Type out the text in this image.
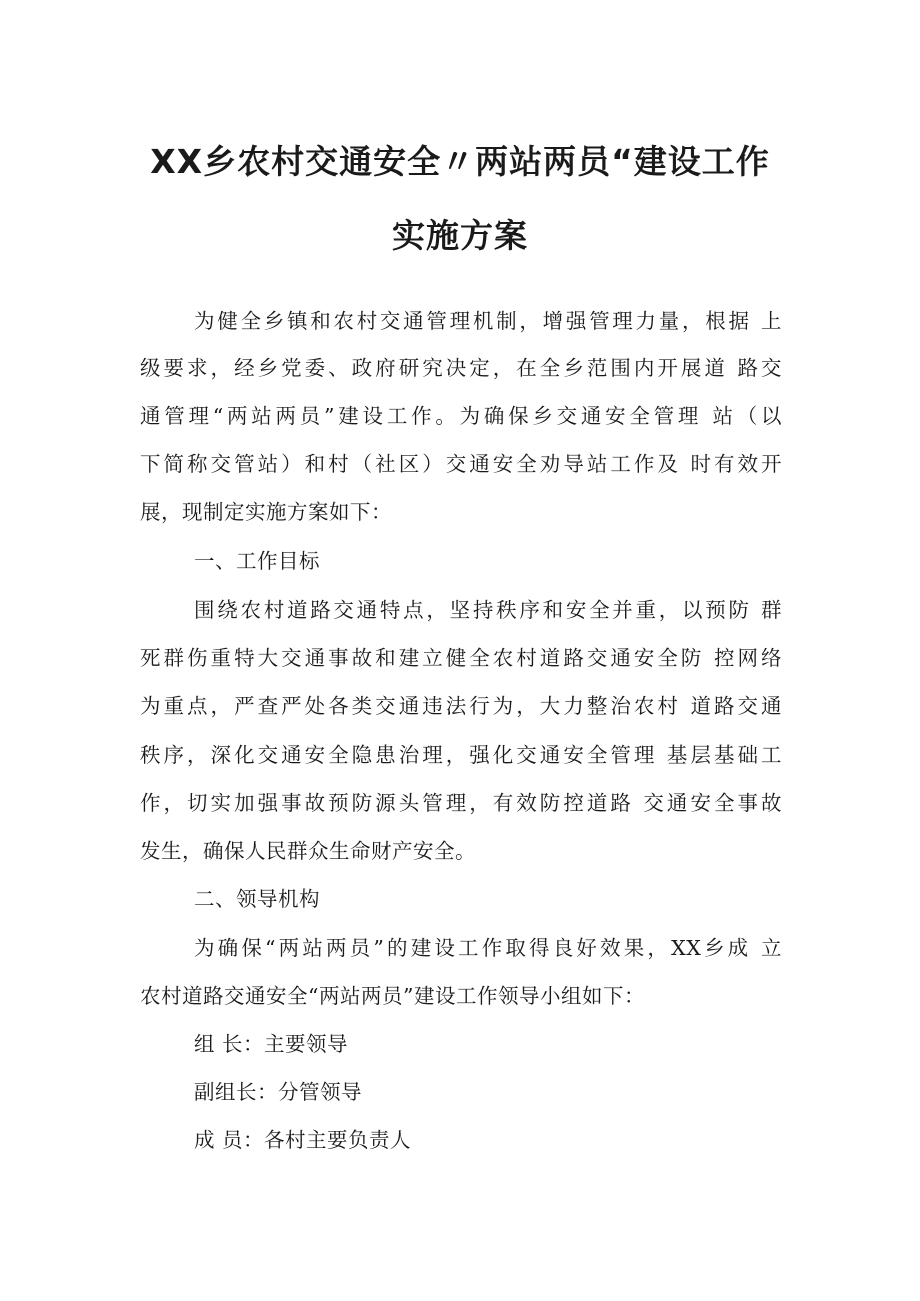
XX乡农村交通安全〃两站两员“建设工作
实施方案
为健全乡镇和农村交通管理机制，增强管理力量，根据 上
级要求，经乡党委、政府研究决定，在全乡范围内开展道 路交
通管理“两站两员”建设工作。为确保乡交通安全管理 站（以
下简称交管站）和村（社区）交通安全劝导站工作及 时有效开
展，现制定实施方案如下：
一、工作目标
围绕农村道路交通特点，坚持秩序和安全并重，以预防 群
死群伤重特大交通事故和建立健全农村道路交通安全防 控网络
为重点，严查严处各类交通违法行为，大力整治农村 道路交通
秩序，深化交通安全隐患治理，强化交通安全管理 基层基础工
作，切实加强事故预防源头管理，有效防控道路 交通安全事故
发生，确保人民群众生命财产安全。
二、领导机构
为确保“两站两员”的建设工作取得良好效果，XX乡成 立
农村道路交通安全“两站两员”建设工作领导小组如下：
组 长：主要领导
副组长：分管领导
成 员：各村主要负责人
